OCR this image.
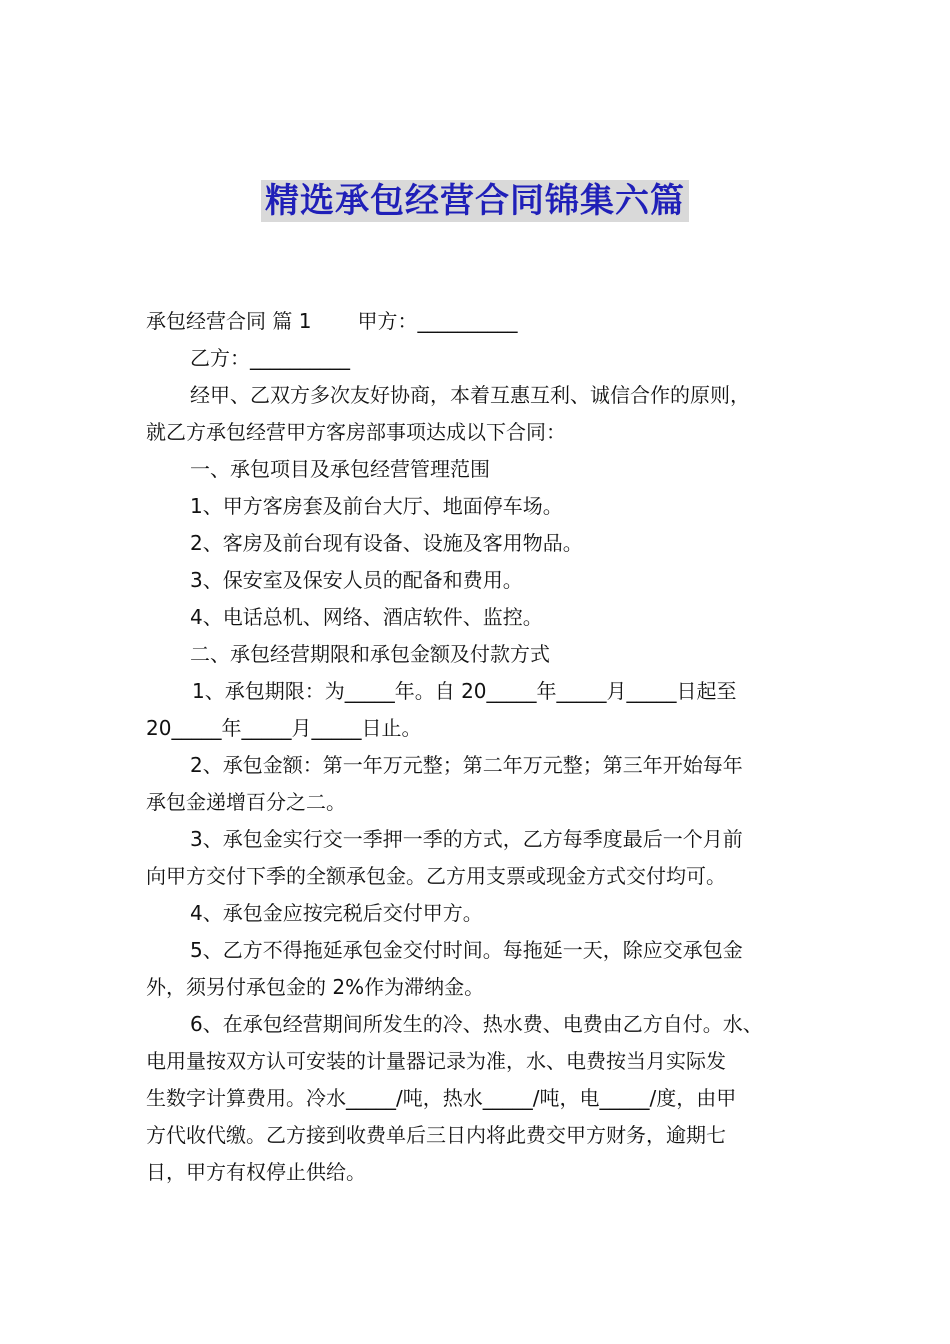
精选承包经营合同锦集六篇

承包经营合同 篇 1 甲方：__________

乙方：__________

经甲、乙双方多次友好协商，本着互惠互利、诚信合作的原则，

就乙方承包经营甲方客房部事项达成以下合同：

一、承包项目及承包经营管理范围

1、甲方客房套及前台大厅、地面停车场。

2、客房及前台现有设备、设施及客用物品。

3、保安室及保安人员的配备和费用。

4、电话总机、网络、酒店软件、监控。

二、承包经营期限和承包金额及付款方式

1、承包期限：为_____年。自 20_____年_____月_____日起至

20_____年_____月_____日止。

2、承包金额：第一年万元整；第二年万元整；第三年开始每年

承包金递增百分之二。

3、承包金实行交一季押一季的方式，乙方每季度最后一个月前

向甲方交付下季的全额承包金。乙方用支票或现金方式交付均可。

4、承包金应按完税后交付甲方。

5、乙方不得拖延承包金交付时间。每拖延一天，除应交承包金

外，须另付承包金的 2%作为滞纳金。

6、在承包经营期间所发生的冷、热水费、电费由乙方自付。水、

电用量按双方认可安装的计量器记录为准，水、电费按当月实际发

生数字计算费用。冷水_____/吨，热水_____/吨，电_____/度，由甲

方代收代缴。乙方接到收费单后三日内将此费交甲方财务，逾期七

日，甲方有权停止供给。
